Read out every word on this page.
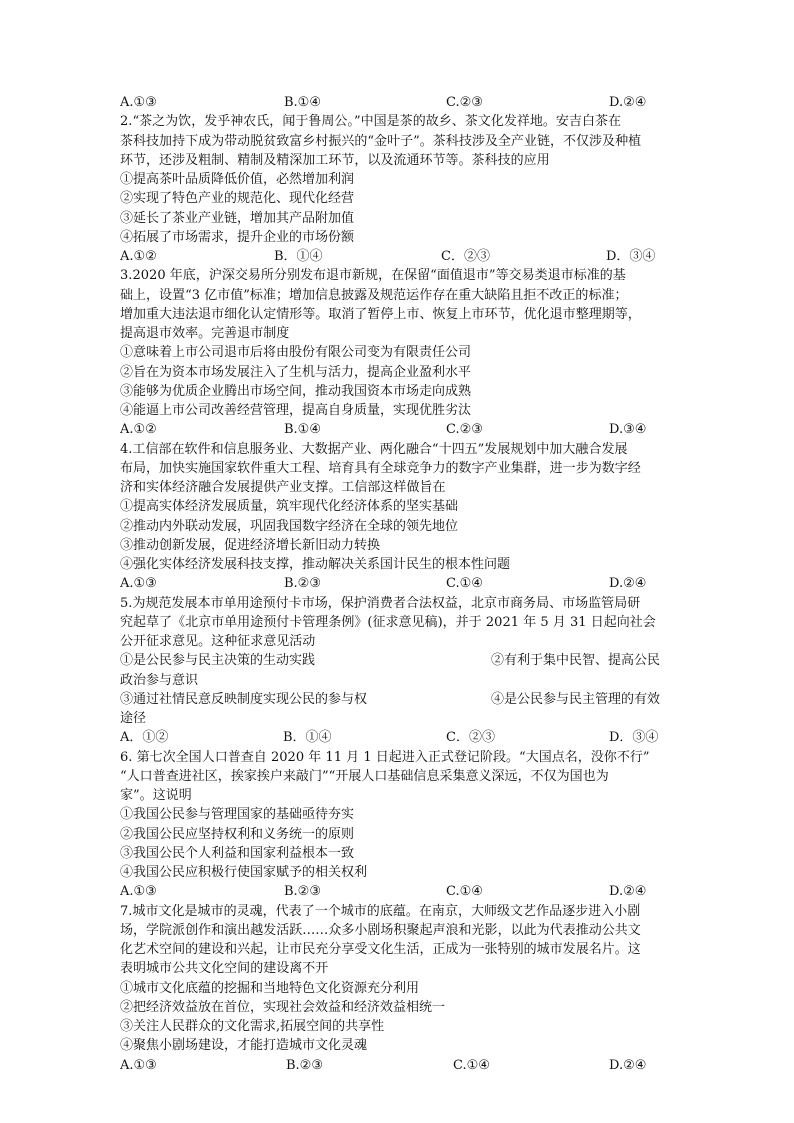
A.①③	B.①④	C.②③	D.②④
2.“茶之为饮，发乎神农氏，闻于鲁周公。”中国是茶的故乡、茶文化发祥地。安吉白茶在
茶科技加持下成为带动脱贫致富乡村振兴的“金叶子”。茶科技涉及全产业链，不仅涉及种植
环节，还涉及粗制、精制及精深加工环节，以及流通环节等。茶科技的应用
①提高茶叶品质降低价值，必然增加利润
②实现了特色产业的规范化、现代化经营
③延长了茶业产业链，增加其产品附加值
④拓展了市场需求，提升企业的市场份额
A.①②	B．①④	C．②③	D．③④
3.2020 年底，沪深交易所分别发布退市新规，在保留“面值退市”等交易类退市标准的基
础上，设置“3 亿市值”标准；增加信息披露及规范运作存在重大缺陷且拒不改正的标准；
增加重大违法退市细化认定情形等。取消了暂停上市、恢复上市环节，优化退市整理期等，
提高退市效率。完善退市制度
①意味着上市公司退市后将由股份有限公司变为有限责任公司
②旨在为资本市场发展注入了生机与活力，提高企业盈利水平
③能够为优质企业腾出市场空间，推动我国资本市场走向成熟
④能逼上市公司改善经营管理，提高自身质量，实现优胜劣汰
A.①②	B.①④	C.②③	D.③④
4.工信部在软件和信息服务业、大数据产业、两化融合“十四五”发展规划中加大融合发展
布局，加快实施国家软件重大工程、培育具有全球竞争力的数字产业集群，进一步为数字经
济和实体经济融合发展提供产业支撑。工信部这样做旨在
①提高实体经济发展质量，筑牢现代化经济体系的坚实基础
②推动内外联动发展，巩固我国数字经济在全球的领先地位
③推动创新发展，促进经济增长新旧动力转换
④强化实体经济发展科技支撑，推动解决关系国计民生的根本性问题
A.①③	B.②③	C.①④	D.②④
5.为规范发展本市单用途预付卡市场，保护消费者合法权益，北京市商务局、市场监管局研
究起草了《北京市单用途预付卡管理条例》(征求意见稿)，并于 2021 年 5 月 31 日起向社会
公开征求意见。这种征求意见活动
①是公民参与民主决策的生动实践	②有利于集中民智、提高公民
政治参与意识
③通过社情民意反映制度实现公民的参与权	④是公民参与民主管理的有效
途径
A．①②	B．①④	C．②③	D．③④
6. 第七次全国人口普查自 2020 年 11 月 1 日起进入正式登记阶段。“大国点名，没你不行”
“人口普查进社区，挨家挨户来敲门”“开展人口基础信息采集意义深远，不仅为国也为
家”。这说明
①我国公民参与管理国家的基础亟待夯实
②我国公民应坚持权利和义务统一的原则
③我国公民个人利益和国家利益根本一致
④我国公民应积极行使国家赋予的相关权利
A.①③	B.②③	C.①④	D.②④
7.城市文化是城市的灵魂，代表了一个城市的底蕴。在南京，大师级文艺作品逐步进入小剧
场，学院派创作和演出越发活跃……众多小剧场积聚起声浪和光影，以此为代表推动公共文
化艺术空间的建设和兴起，让市民充分享受文化生活，正成为一张特别的城市发展名片。这
表明城市公共文化空间的建设离不开
①城市文化底蕴的挖掘和当地特色文化资源充分利用
②把经济效益放在首位，实现社会效益和经济效益相统一
③关注人民群众的文化需求,拓展空间的共享性
④聚焦小剧场建设，才能打造城市文化灵魂
A.①③	B.②③	C.①④	D.②④
